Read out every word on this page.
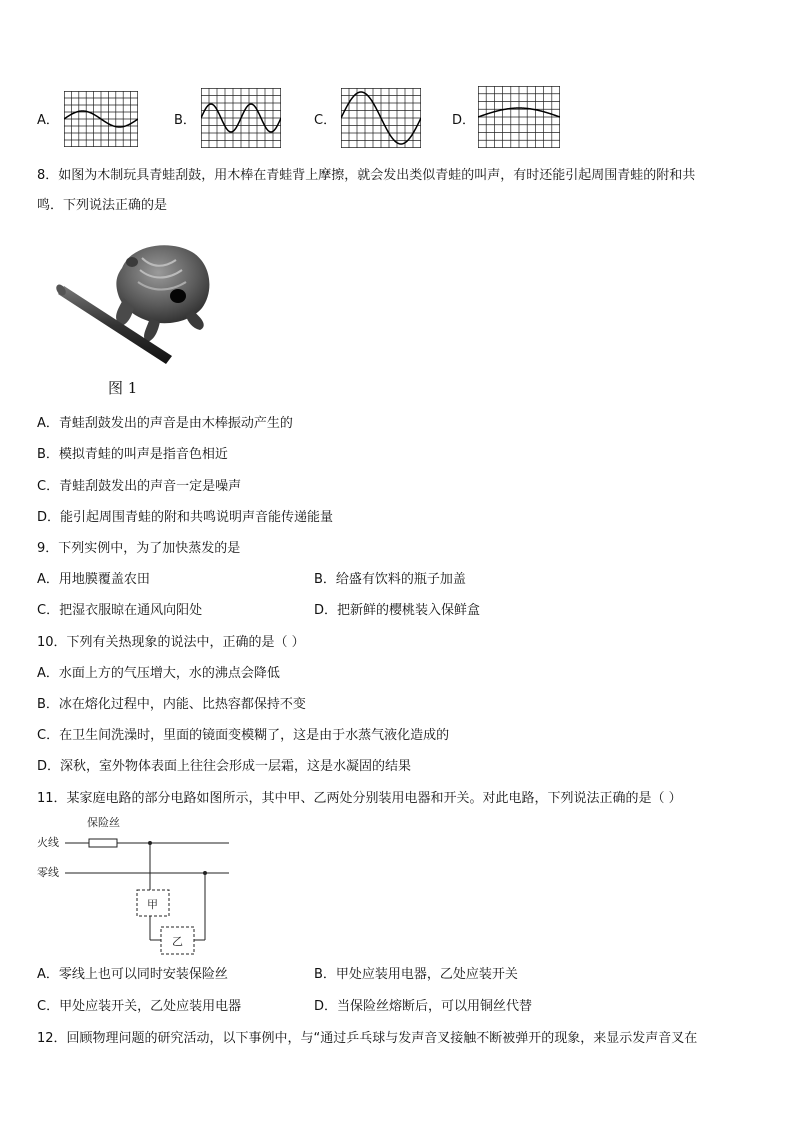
A．	B．	C．	D．
8．如图为木制玩具青蛙刮鼓，用木棒在青蛙背上摩擦，就会发出类似青蛙的叫声，有时还能引起周围青蛙的附和共
鸣．下列说法正确的是
图 1
A．青蛙刮鼓发出的声音是由木棒振动产生的
B．模拟青蛙的叫声是指音色相近
C．青蛙刮鼓发出的声音一定是噪声
D．能引起周围青蛙的附和共鸣说明声音能传递能量
9．下列实例中，为了加快蒸发的是
A．用地膜覆盖农田	B．给盛有饮料的瓶子加盖
C．把湿衣服晾在通风向阳处	D．把新鲜的樱桃装入保鲜盒
10．下列有关热现象的说法中，正确的是（ ）
A．水面上方的气压增大，水的沸点会降低
B．冰在熔化过程中，内能、比热容都保持不变
C．在卫生间洗澡时，里面的镜面变模糊了，这是由于水蒸气液化造成的
D．深秋，室外物体表面上往往会形成一层霜，这是水凝固的结果
11．某家庭电路的部分电路如图所示，其中甲、乙两处分别装用电器和开关。对此电路，下列说法正确的是（ ）
保险丝
火线
零线
甲
乙
A．零线上也可以同时安装保险丝	B．甲处应装用电器，乙处应装开关
C．甲处应装开关，乙处应装用电器	D．当保险丝熔断后，可以用铜丝代替
12．回顾物理问题的研究活动，以下事例中，与“通过乒乓球与发声音叉接触不断被弹开的现象，来显示发声音叉在
